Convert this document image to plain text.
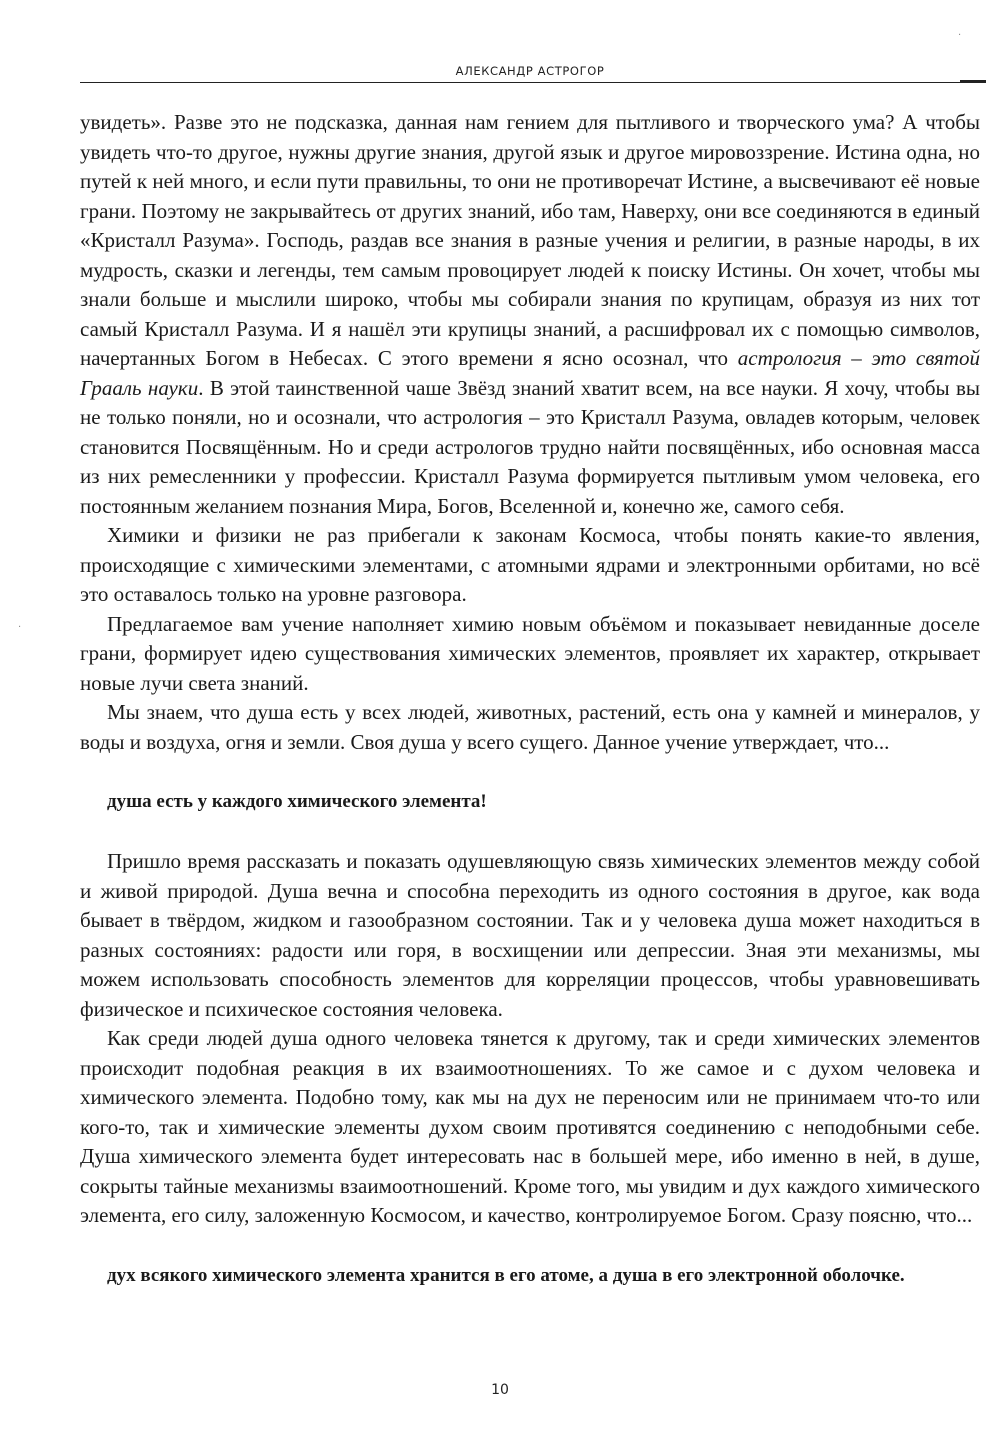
·
·
АЛЕКСАНДР АСТРОГОР

увидеть». Разве это не подсказка, данная нам гением для пытливого и творческого ума? А чтобы увидеть что-то другое, нужны другие знания, другой язык и другое мировоззрение. Истина одна, но путей к ней много, и если пути правильны, то они не противоречат Истине, а высвечивают её новые грани. Поэтому не закрывайтесь от других знаний, ибо там, Наверху, они все соединяются в единый «Кристалл Разума». Господь, раздав все знания в разные учения и религии, в разные народы, в их мудрость, сказки и легенды, тем самым провоцирует людей к поиску Истины. Он хочет, чтобы мы знали больше и мыслили широко, чтобы мы собирали знания по крупицам, образуя из них тот самый Кристалл Разума. И я нашёл эти крупицы знаний, а расшифровал их с помощью символов, начертанных Богом в Небесах. С этого времени я ясно осознал, что астрология – это святой Грааль науки. В этой таинственной чаше Звёзд знаний хватит всем, на все науки. Я хочу, чтобы вы не только поняли, но и осознали, что астрология – это Кристалл Разума, овладев которым, человек становится Посвящённым. Но и среди астрологов трудно найти посвящённых, ибо основная масса из них ремесленники у профессии. Кристалл Разума формируется пытливым умом человека, его постоянным желанием познания Мира, Богов, Вселенной и, конечно же, самого себя.

Химики и физики не раз прибегали к законам Космоса, чтобы понять какие-то явления, происходящие с химическими элементами, с атомными ядрами и электронными орбитами, но всё это оставалось только на уровне разговора.

Предлагаемое вам учение наполняет химию новым объёмом и показывает невиданные доселе грани, формирует идею существования химических элементов, проявляет их характер, открывает новые лучи света знаний.

Мы знаем, что душа есть у всех людей, животных, растений, есть она у камней и минералов, у воды и воздуха, огня и земли. Своя душа у всего сущего. Данное учение утверждает, что...

душа есть у каждого химического элемента!

Пришло время рассказать и показать одушевляющую связь химических элементов между собой и живой природой. Душа вечна и способна переходить из одного состояния в другое, как вода бывает в твёрдом, жидком и газообразном состоянии. Так и у человека душа может находиться в разных состояниях: радости или горя, в восхищении или депрессии. Зная эти механизмы, мы можем использовать способность элементов для корреляции процессов, чтобы уравновешивать физическое и психическое состояния человека.

Как среди людей душа одного человека тянется к другому, так и среди химических элементов происходит подобная реакция в их взаимоотношениях. То же самое и с духом человека и химического элемента. Подобно тому, как мы на дух не переносим или не принимаем что-то или кого-то, так и химические элементы духом своим противятся соединению с неподобными себе. Душа химического элемента будет интересовать нас в большей мере, ибо именно в ней, в душе, сокрыты тайные механизмы взаимоотношений. Кроме того, мы увидим и дух каждого химического элемента, его силу, заложенную Космосом, и качество, контролируемое Богом. Сразу поясню, что...

дух всякого химического элемента хранится в его атоме, а душа в его электронной оболочке.

10
